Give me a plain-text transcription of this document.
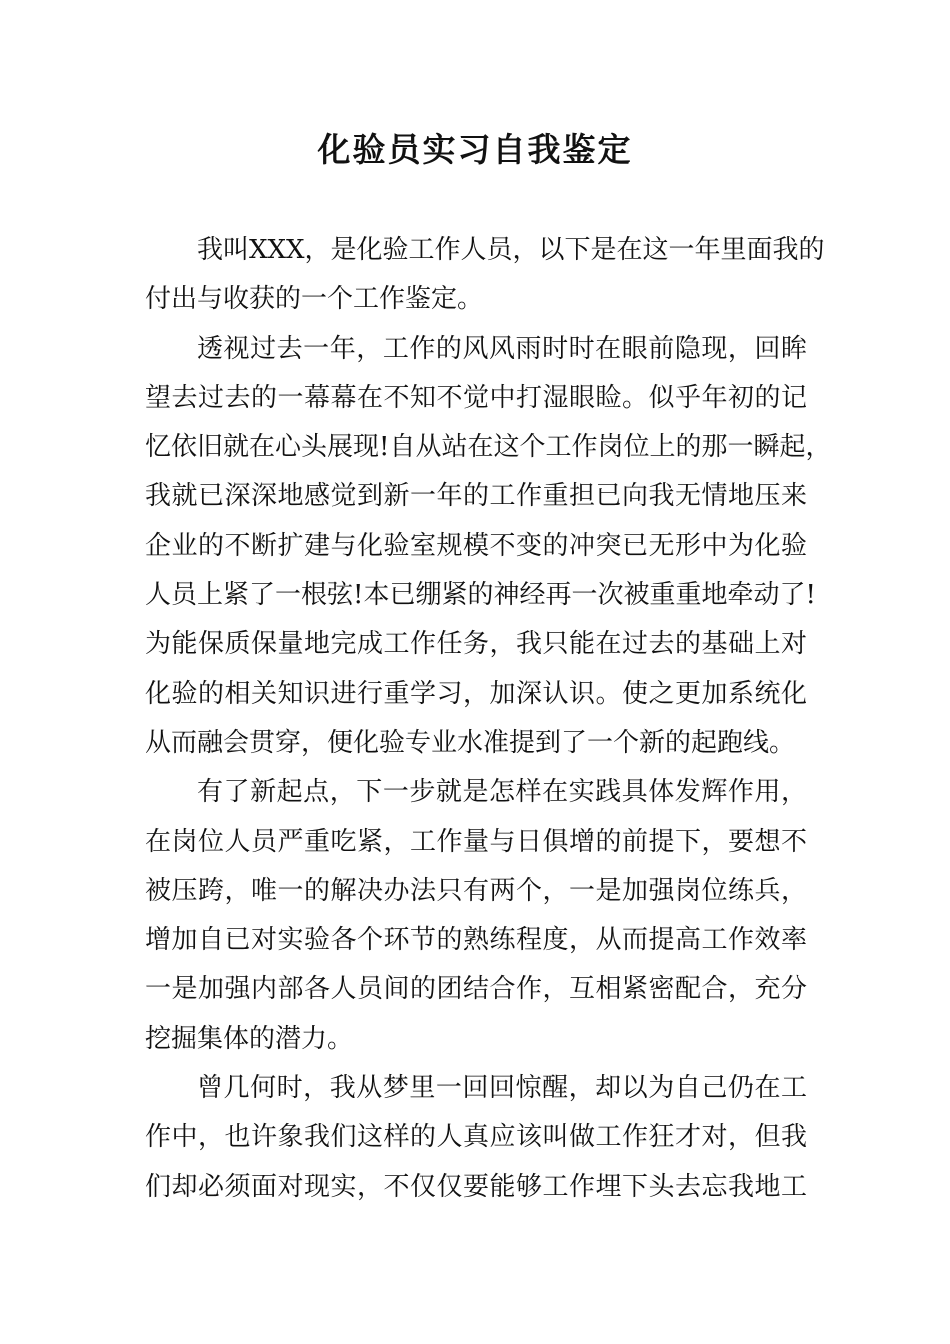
化验员实习自我鉴定

我叫XXX，是化验工作人员，以下是在这一年里面我的
付出与收获的一个工作鉴定。

透视过去一年，工作的风风雨时时在眼前隐现，回眸
望去过去的一幕幕在不知不觉中打湿眼睑。似乎年初的记
忆依旧就在心头展现!自从站在这个工作岗位上的那一瞬起，
我就已深深地感觉到新一年的工作重担已向我无情地压来
企业的不断扩建与化验室规模不变的冲突已无形中为化验
人员上紧了一根弦!本已绷紧的神经再一次被重重地牵动了!
为能保质保量地完成工作任务，我只能在过去的基础上对
化验的相关知识进行重学习，加深认识。使之更加系统化
从而融会贯穿，便化验专业水准提到了一个新的起跑线。

有了新起点，下一步就是怎样在实践具体发辉作用，
在岗位人员严重吃紧，工作量与日俱增的前提下，要想不
被压跨，唯一的解决办法只有两个，一是加强岗位练兵，
增加自已对实验各个环节的熟练程度，从而提高工作效率
一是加强内部各人员间的团结合作，互相紧密配合，充分
挖掘集体的潜力。

曾几何时，我从梦里一回回惊醒，却以为自己仍在工
作中，也许象我们这样的人真应该叫做工作狂才对，但我
们却必须面对现实，不仅仅要能够工作埋下头去忘我地工
